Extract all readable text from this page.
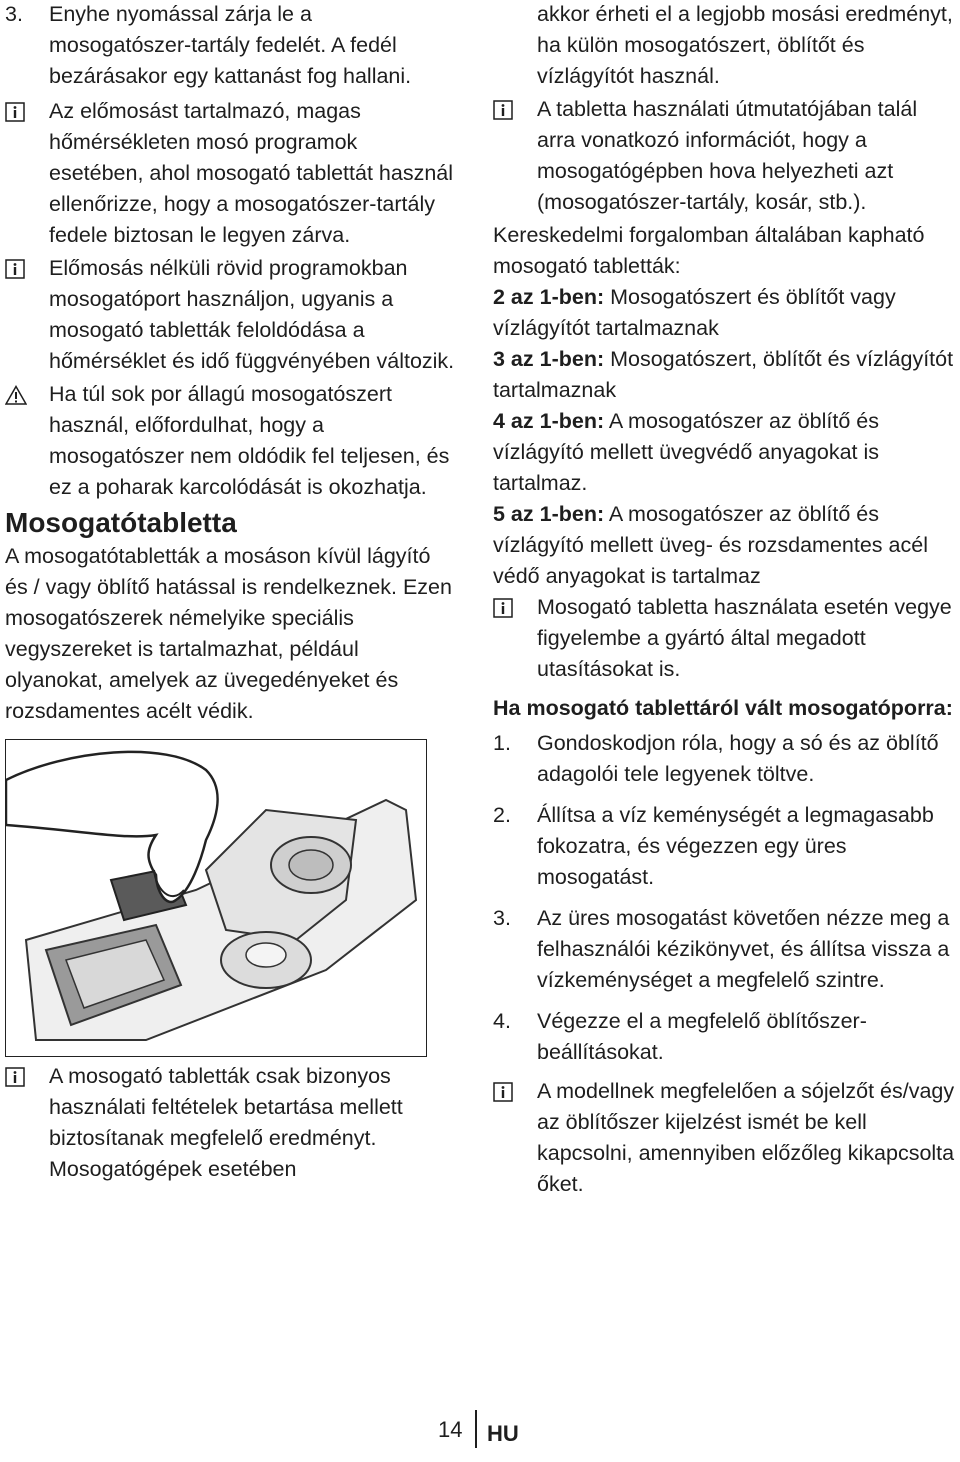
3. Enyhe nyomással zárja le a mosogatószer-tartály fedelét. A fedél bezárásakor egy kattanást fog hallani.

Az előmosást tartalmazó, magas hőmérsékleten mosó programok esetében, ahol mosogató tablettát használ ellenőrizze, hogy a mosogatószer-tartály fedele biztosan le legyen zárva.

Előmosás nélküli rövid programokban mosogatóport használjon, ugyanis a mosogató tabletták feloldódása a hőmérséklet és idő függvényében változik.

Ha túl sok por állagú mosogatószert használ, előfordulhat, hogy a mosogatószer nem oldódik fel teljesen, és ez a poharak karcolódását is okozhatja.

Mosogatótabletta

A mosogatótabletták a mosáson kívül lágyító és / vagy öblítő hatással is rendelkeznek. Ezen mosogatószerek némelyike speciális vegyszereket is tartalmazhat, például olyanokat, amelyek az üvegedényeket és rozsdamentes acélt védik.

A mosogató tabletták csak bizonyos használati feltételek betartása mellett biztosítanak megfelelő eredményt. Mosogatógépek esetében

akkor érheti el a legjobb mosási eredményt, ha külön mosogatószert, öblítőt és vízlágyítót használ.

A tabletta használati útmutatójában talál arra vonatkozó információt, hogy a mosogatógépben hova helyezheti azt (mosogatószer-tartály, kosár, stb.).

Kereskedelmi forgalomban általában kapható mosogató tabletták:

2 az 1-ben: Mosogatószert és öblítőt vagy vízlágyítót tartalmaznak

3 az 1-ben: Mosogatószert, öblítőt és vízlágyítót tartalmaznak

4 az 1-ben: A mosogatószer az öblítő és vízlágyító mellett üvegvédő anyagokat is tartalmaz.

5 az 1-ben: A mosogatószer az öblítő és vízlágyító mellett üveg- és rozsdamentes acél védő anyagokat is tartalmaz

Mosogató tabletta használata esetén vegye figyelembe a gyártó által megadott utasításokat is.

Ha mosogató tablettáról vált mosogatóporra:

1. Gondoskodjon róla, hogy a só és az öblítő adagolói tele legyenek töltve.

2. Állítsa a víz keménységét a legmagasabb fokozatra, és végezzen egy üres mosogatást.

3. Az üres mosogatást követően nézze meg a felhasználói kézikönyvet, és állítsa vissza a vízkeménységet a megfelelő szintre.

4. Végezze el a megfelelő öblítőszer-beállításokat.

A modellnek megfelelően a sójelzőt és/vagy az öblítőszer kijelzést ismét be kell kapcsolni, amennyiben előzőleg kikapcsolta őket.

14 HU
